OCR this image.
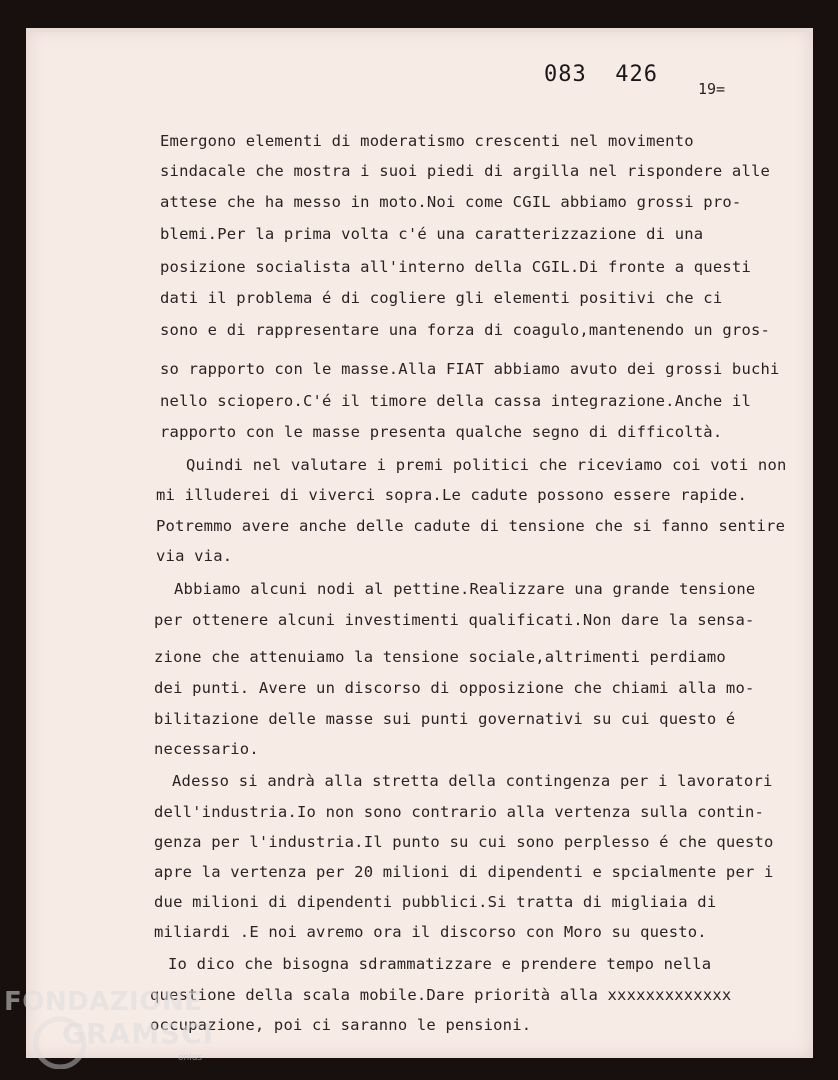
083  426

19=

Emergono elementi di moderatismo crescenti nel movimento

sindacale che mostra i suoi piedi di argilla nel rispondere alle

attese che ha messo in moto.Noi come CGIL abbiamo grossi pro-

blemi.Per la prima volta c'é una caratterizzazione di una

posizione socialista all'interno della CGIL.Di fronte a questi

dati il problema é di cogliere gli elementi positivi che ci

sono e di rappresentare una forza di coagulo,mantenendo un gros-

so rapporto con le masse.Alla FIAT abbiamo avuto dei grossi buchi

nello sciopero.C'é il timore della cassa integrazione.Anche il

rapporto con le masse presenta qualche segno di difficoltà.

Quindi nel valutare i premi politici che riceviamo coi voti non

mi illuderei di viverci sopra.Le cadute possono essere rapide.

Potremmo avere anche delle cadute di tensione che si fanno sentire

via via.

Abbiamo alcuni nodi al pettine.Realizzare una grande tensione

per ottenere alcuni investimenti qualificati.Non dare la sensa-

zione che attenuiamo la tensione sociale,altrimenti perdiamo

dei punti. Avere un discorso di opposizione che chiami alla mo-

bilitazione delle masse sui punti governativi su cui questo é

necessario.

Adesso si andrà alla stretta della contingenza per i lavoratori

dell'industria.Io non sono contrario alla vertenza sulla contin-

genza per l'industria.Il punto su cui sono perplesso é che questo

apre la vertenza per 20 milioni di dipendenti e spcialmente per i

due milioni di dipendenti pubblici.Si tratta di migliaia di

miliardi .E noi avremo ora il discorso con Moro su questo.

Io dico che bisogna sdrammatizzare e prendere tempo nella

questione della scala mobile.Dare priorità alla xxxxxxxxxxxxx

occupazione, poi ci saranno le pensioni.

FONDAZIONE

GRAMSCI

onlus
